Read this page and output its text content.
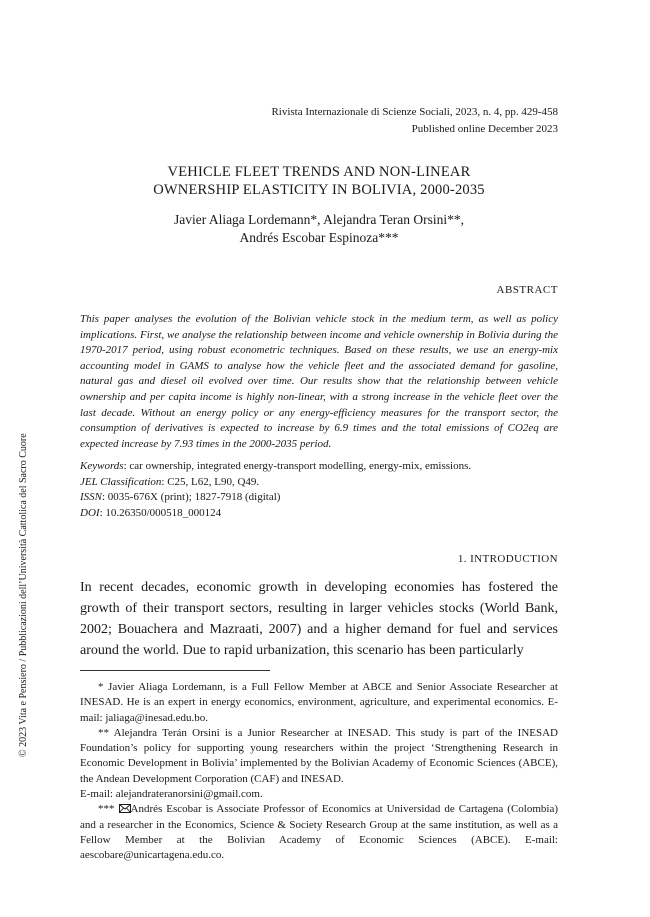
Rivista Internazionale di Scienze Sociali, 2023, n. 4, pp. 429-458
Published online December 2023
VEHICLE FLEET TRENDS AND NON-LINEAR
OWNERSHIP ELASTICITY IN BOLIVIA, 2000-2035
Javier Aliaga Lordemann*, Alejandra Teran Orsini**,
Andrés Escobar Espinoza***
ABSTRACT
This paper analyses the evolution of the Bolivian vehicle stock in the medium term, as well as policy implications. First, we analyse the relationship between income and vehicle ownership in Bolivia during the 1970-2017 period, using robust econometric techniques. Based on these results, we use an energy-mix accounting model in GAMS to analyse how the vehicle fleet and the associated demand for gasoline, natural gas and diesel oil evolved over time. Our results show that the relationship between vehicle ownership and per capita income is highly non-linear, with a strong increase in the vehicle fleet over the last decade. Without an energy policy or any energy-efficiency measures for the transport sector, the consumption of derivatives is expected to increase by 6.9 times and the total emissions of CO2eq are expected increase by 7.93 times in the 2000-2035 period.
Keywords: car ownership, integrated energy-transport modelling, energy-mix, emissions.
JEL Classification: C25, L62, L90, Q49.
ISSN: 0035-676X (print); 1827-7918 (digital)
DOI: 10.26350/000518_000124
1. INTRODUCTION
In recent decades, economic growth in developing economies has fostered the growth of their transport sectors, resulting in larger vehicles stocks (World Bank, 2002; Bouachera and Mazraati, 2007) and a higher demand for fuel and services around the world. Due to rapid urbanization, this scenario has been particularly

* Javier Aliaga Lordemann, is a Full Fellow Member at ABCE and Senior Associate Researcher at INESAD. He is an expert in energy economics, environment, agriculture, and experimental economics. E-mail: jaliaga@inesad.edu.bo.

** Alejandra Terán Orsini is a Junior Researcher at INESAD. This study is part of the INESAD Foundation’s policy for supporting young researchers within the project ‘Strengthening Research in Economic Development in Bolivia’ implemented by the Bolivian Academy of Economic Sciences (ABCE), the Andean Development Corporation (CAF) and INESAD.

E-mail: alejandrateranorsini@gmail.com.

*** Andrés Escobar is Associate Professor of Economics at Universidad de Cartagena (Colombia) and a researcher in the Economics, Science & Society Research Group at the same institution, as well as a Fellow Member at the Bolivian Academy of Economic Sciences (ABCE). E-mail: aescobare@unicartagena.edu.co.

© 2023 Vita e Pensiero / Pubblicazioni dell’Università Cattolica del Sacro Cuore
